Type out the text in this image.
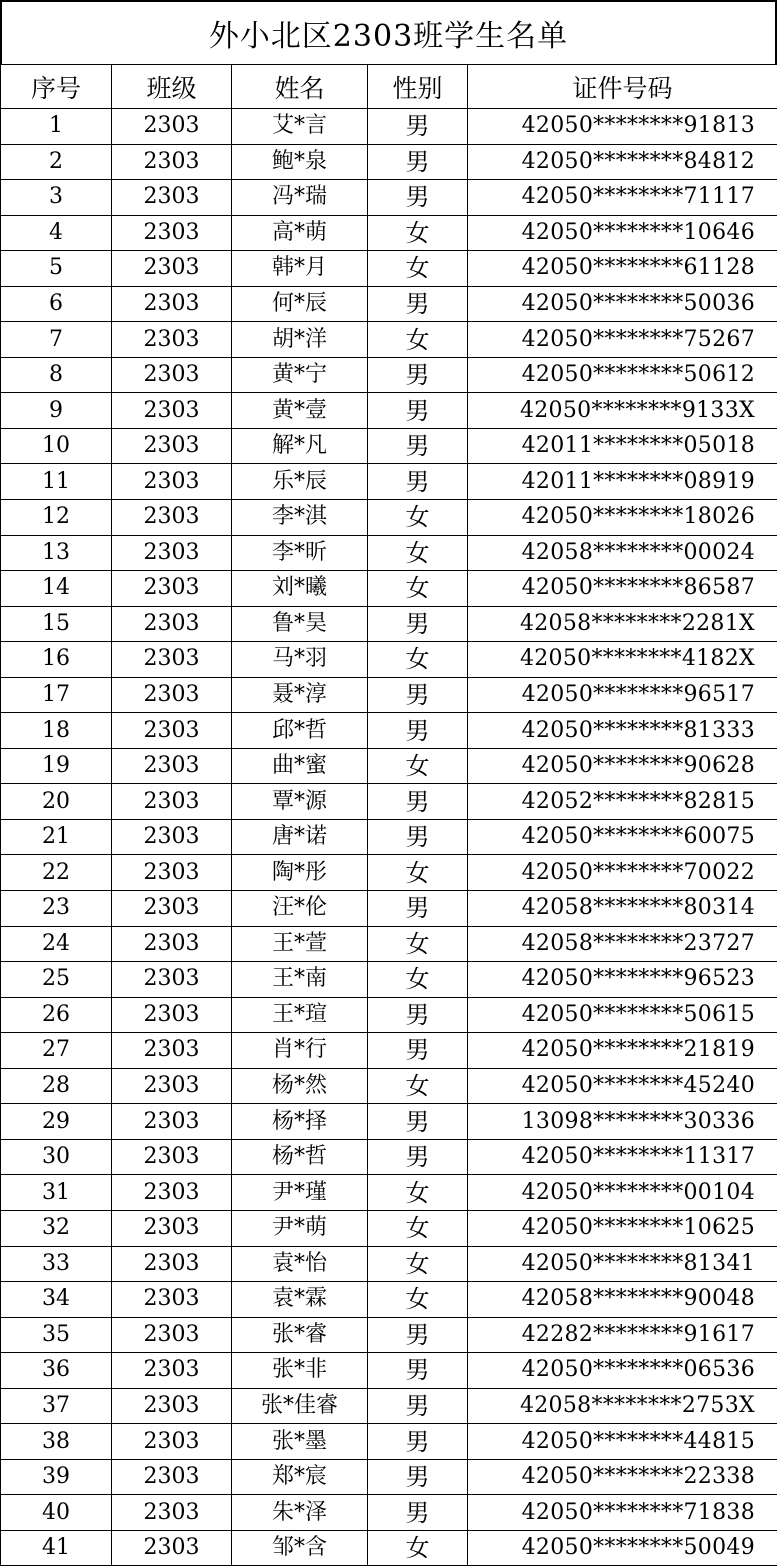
外小北区2303班学生名单
序号	班级	姓名	性别	证件号码
1	2303	艾*言	男	42050********91813
2	2303	鲍*泉	男	42050********84812
3	2303	冯*瑞	男	42050********71117
4	2303	高*萌	女	42050********10646
5	2303	韩*月	女	42050********61128
6	2303	何*辰	男	42050********50036
7	2303	胡*洋	女	42050********75267
8	2303	黄*宁	男	42050********50612
9	2303	黄*壹	男	42050********9133X
10	2303	解*凡	男	42011********05018
11	2303	乐*辰	男	42011********08919
12	2303	李*淇	女	42050********18026
13	2303	李*昕	女	42058********00024
14	2303	刘*曦	女	42050********86587
15	2303	鲁*昊	男	42058********2281X
16	2303	马*羽	女	42050********4182X
17	2303	聂*淳	男	42050********96517
18	2303	邱*哲	男	42050********81333
19	2303	曲*蜜	女	42050********90628
20	2303	覃*源	男	42052********82815
21	2303	唐*诺	男	42050********60075
22	2303	陶*彤	女	42050********70022
23	2303	汪*伦	男	42058********80314
24	2303	王*萱	女	42058********23727
25	2303	王*南	女	42050********96523
26	2303	王*瑄	男	42050********50615
27	2303	肖*行	男	42050********21819
28	2303	杨*然	女	42050********45240
29	2303	杨*择	男	13098********30336
30	2303	杨*哲	男	42050********11317
31	2303	尹*瑾	女	42050********00104
32	2303	尹*萌	女	42050********10625
33	2303	袁*怡	女	42050********81341
34	2303	袁*霖	女	42058********90048
35	2303	张*睿	男	42282********91617
36	2303	张*非	男	42050********06536
37	2303	张*佳睿	男	42058********2753X
38	2303	张*墨	男	42050********44815
39	2303	郑*宸	男	42050********22338
40	2303	朱*泽	男	42050********71838
41	2303	邹*含	女	42050********50049
